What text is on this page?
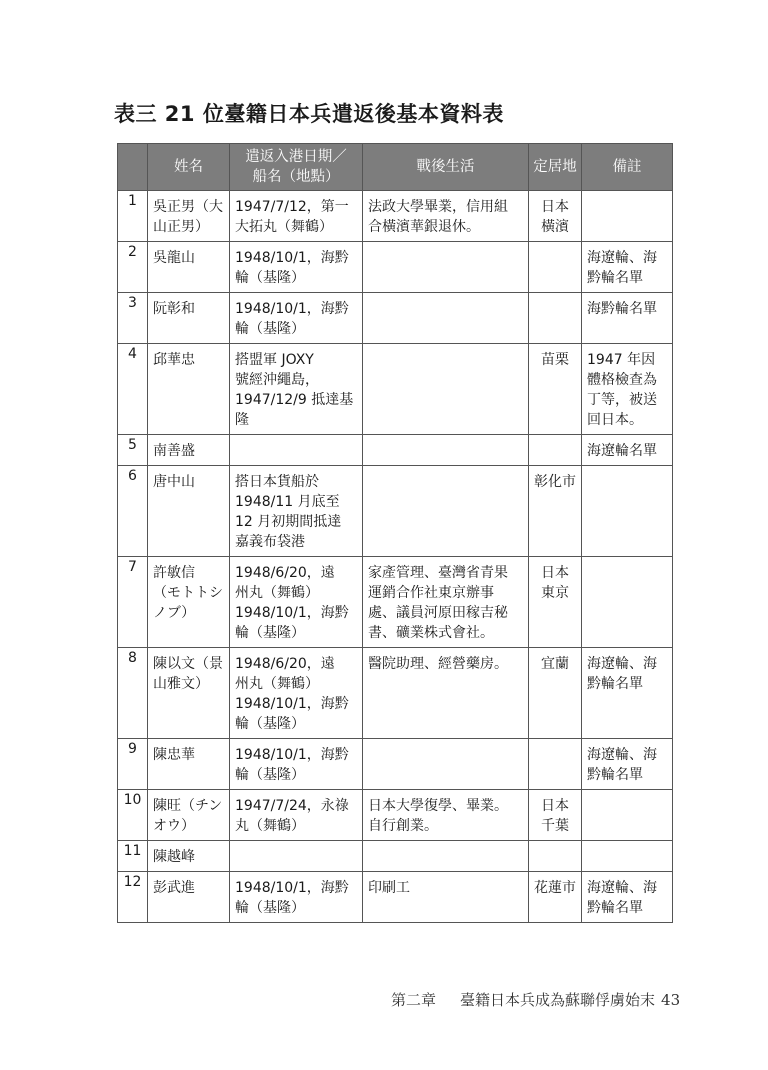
表三 21 位臺籍日本兵遣返後基本資料表
	姓名	遣返入港日期／
船名（地點）	戰後生活	定居地	備註
1	吳正男（大
山正男）	1947/7/12，第一
大拓丸（舞鶴）	法政大學畢業，信用組
合橫濱華銀退休。	日本
橫濱	

2	吳龍山	1948/10/1，海黔
輪（基隆）			海遼輪、海
黔輪名單

3	阮彰和	1948/10/1，海黔
輪（基隆）			海黔輪名單

4	邱華忠	搭盟軍 JOXY
號經沖繩島，
1947/12/9 抵達基
隆		苗栗	1947 年因
體格檢查為
丁等，被送
回日本。

5	南善盛				海遼輪名單

6	唐中山	搭日本貨船於
1948/11 月底至
12 月初期間抵達
嘉義布袋港		彰化市	

7	許敏信
（モトトシ
ノブ）	1948/6/20，遠
州丸（舞鶴）
1948/10/1，海黔
輪（基隆）	家產管理、臺灣省青果
運銷合作社東京辦事
處、議員河原田稼吉秘
書、礦業株式會社。	日本
東京	

8	陳以文（景
山雅文）	1948/6/20，遠
州丸（舞鶴）
1948/10/1，海黔
輪（基隆）	醫院助理、經營藥房。	宜蘭	海遼輪、海
黔輪名單

9	陳忠華	1948/10/1，海黔
輪（基隆）			海遼輪、海
黔輪名單

10	陳旺（チン
オウ）	1947/7/24，永祿
丸（舞鶴）	日本大學復學、畢業。
自行創業。	日本
千葉	

11	陳越峰				

12	彭武進	1948/10/1，海黔
輪（基隆）	印刷工	花蓮市	海遼輪、海
黔輪名單
第二章 臺籍日本兵成為蘇聯俘虜始末 43
